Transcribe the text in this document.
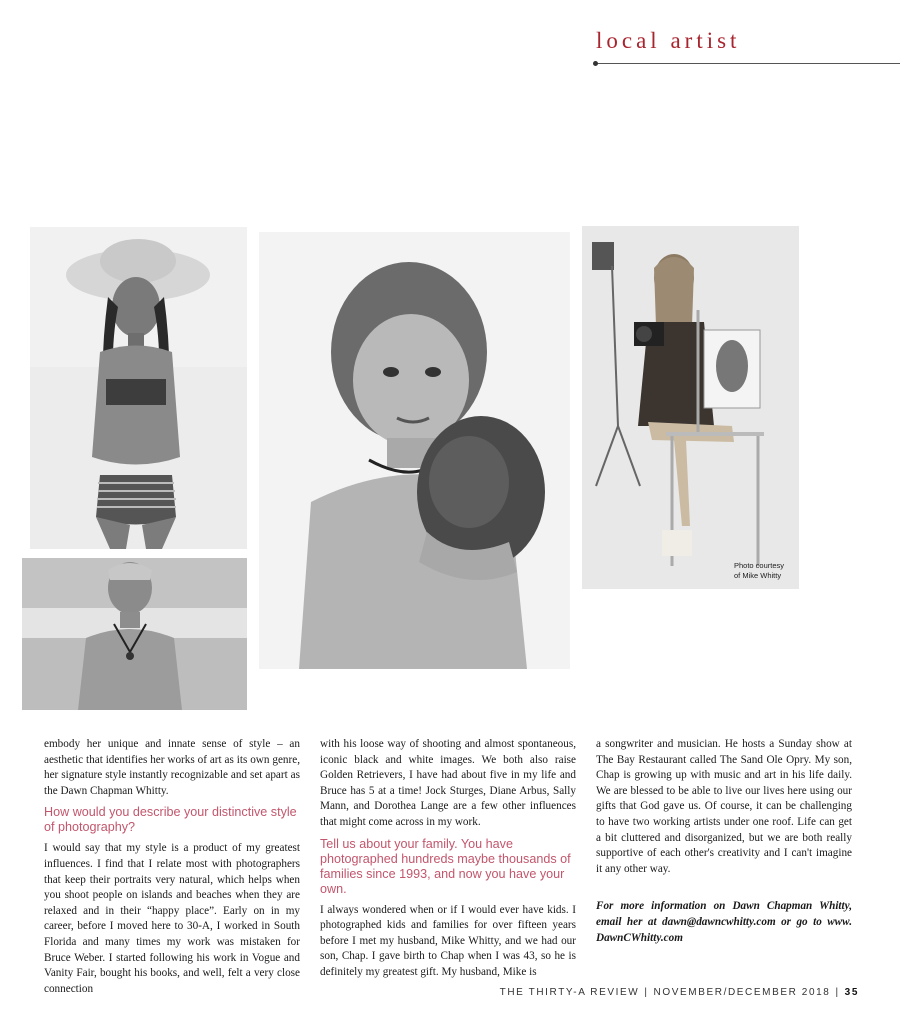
local artist
Photo courtesy
of Mike Whitty

embody her unique and innate sense of style – an aesthetic that identifies her works of art as its own genre, her signature style instantly recognizable and set apart as the Dawn Chapman Whitty.

How would you describe your distinctive style of photography?

I would say that my style is a product of my greatest influences. I find that I relate most with photographers that keep their portraits very natural, which helps when you shoot people on islands and beaches when they are relaxed and in their “happy place”. Early on in my career, before I moved here to 30-A, I worked in South Florida and many times my work was mistaken for Bruce Weber. I started following his work in Vogue and Vanity Fair, bought his books, and well, felt a very close connection

with his loose way of shooting and almost spontaneous, iconic black and white images. We both also raise Golden Retrievers, I have had about five in my life and Bruce has 5 at a time! Jock Sturges, Diane Arbus, Sally Mann, and Dorothea Lange are a few other influences that might come across in my work.

Tell us about your family. You have photographed hundreds maybe thousands of families since 1993, and now you have your own.

I always wondered when or if I would ever have kids. I photographed kids and families for over fifteen years before I met my husband, Mike Whitty, and we had our son, Chap. I gave birth to Chap when I was 43, so he is definitely my greatest gift. My husband, Mike is

a songwriter and musician. He hosts a Sunday show at The Bay Restaurant called The Sand Ole Opry. My son, Chap is growing up with music and art in his life daily. We are blessed to be able to live our lives here using our gifts that God gave us. Of course, it can be challenging to have two working artists under one roof. Life can get a bit cluttered and disorganized, but we are both really supportive of each other's creativity and I can't imagine it any other way.

For more information on Dawn Chapman Whitty, email her at dawn@dawncwhitty.com or go to www. DawnCWhitty.com

THE THIRTY-A REVIEW | NOVEMBER/DECEMBER 2018 | 35
